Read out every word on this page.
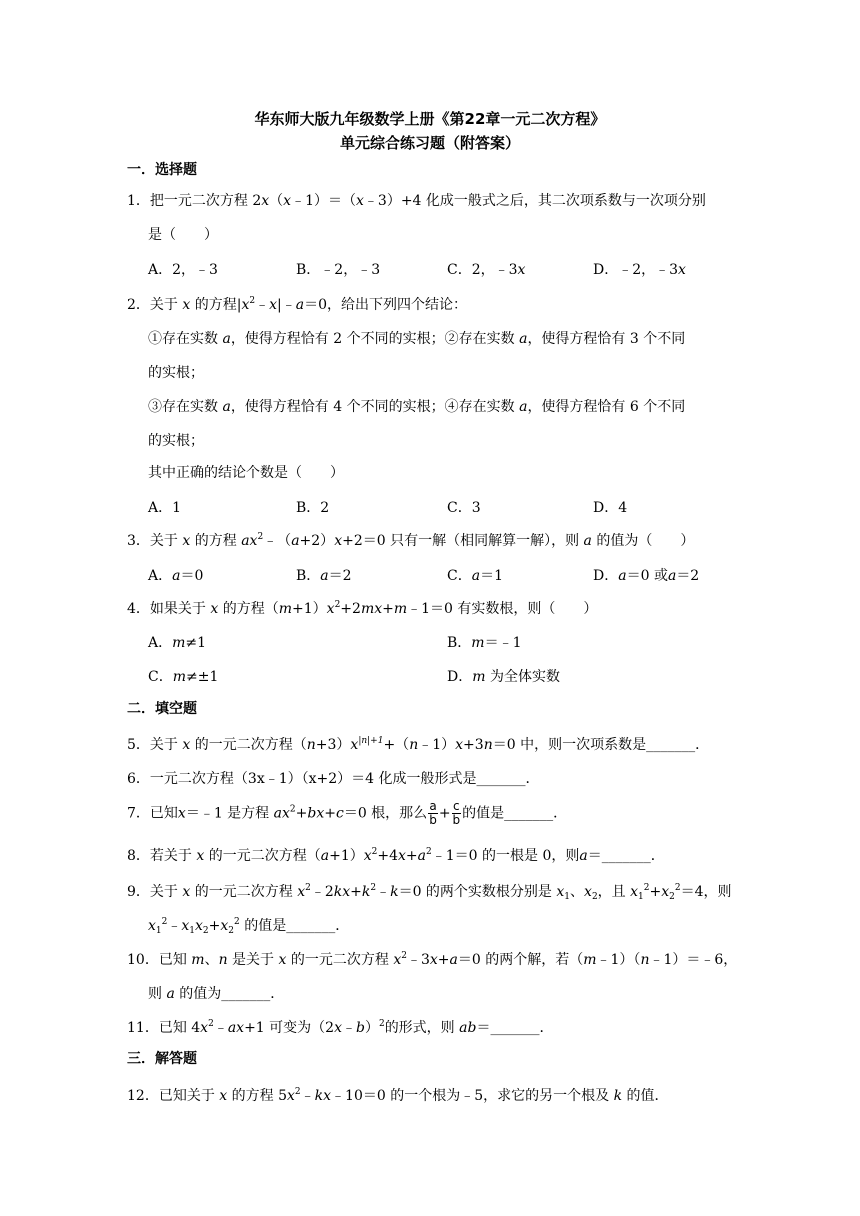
华东师大版九年级数学上册《第22章一元二次方程》
单元综合练习题（附答案）
一．选择题
1．把一元二次方程 2x（x﹣1）＝（x﹣3）+4 化成一般式之后，其二次项系数与一次项分别
是（　　）
A．2，﹣3	B．﹣2，﹣3	C．2，﹣3x	D．﹣2，﹣3x
2．关于 x 的方程$|x^2﹣x|﹣a=0$，给出下列四个结论：
①存在实数 a，使得方程恰有 2 个不同的实根；②存在实数 a，使得方程恰有 3 个不同
的实根；
③存在实数 a，使得方程恰有 4 个不同的实根；④存在实数 a，使得方程恰有 6 个不同
的实根；
其中正确的结论个数是（　　）
A．1	B．2	C．3	D．4
3．关于 x 的方程 $ax^2﹣(a+2)x+2=0$ 只有一解（相同解算一解），则 a 的值为（　　）
A．a＝0	B．a＝2	C．a＝1	D．a＝0 或a＝2
4．如果关于 x 的方程$(m+1)x^2+2mx+m﹣1=0$ 有实数根，则（　　）
A．m≠1	B．m＝﹣1
C．m≠±1	D．m 为全体实数
二．填空题
5．关于 x 的一元二次方程$(n+3)x^{|n|+1}+(n﹣1)x+3n=0$ 中，则一次项系数是_______．
6．一元二次方程（3x﹣1）（x+2）＝4 化成一般形式是_______．
7．已知x＝﹣1 是方程 $ax^2+bx+c=0$ 根，那么 $\frac{a}{b} + \frac{c}{b}$ 的值是_______．
8．若关于 x 的一元二次方程$(a+1)x^2+4x+a^2﹣1=0$ 的一根是 0，则a＝_______．
9．关于 x 的一元二次方程 $x^2﹣2kx+k^2﹣k=0$ 的两个实数根分别是 $x_1$、$x_2$，且 $x_1^2+x_2^2=4$，则
$x_1^2﹣x_1x_2+x_2^2$ 的值是_______．
10．已知 m、n 是关于 x 的一元二次方程 $x^2﹣3x+a=0$ 的两个解，若（m﹣1）（n﹣1）＝﹣6，
则 a 的值为_______．
11．已知 $4x^2﹣ax+1$ 可变为（2x﹣b）$^2$的形式，则 ab＝_______．
三．解答题
12．已知关于 x 的方程 $5x^2﹣kx﹣10=0$ 的一个根为﹣5，求它的另一个根及 k 的值．
